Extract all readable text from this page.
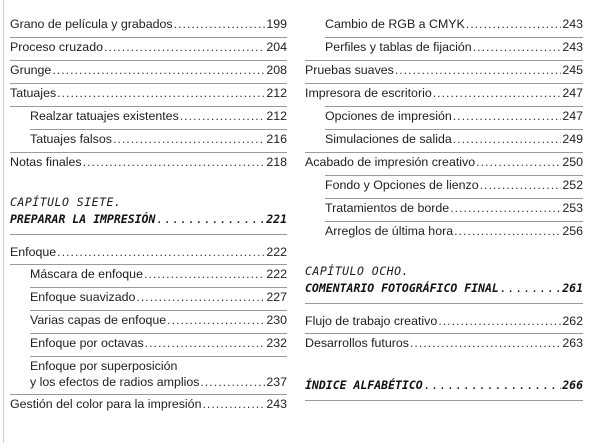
Grano de película y grabados .....	199
Proceso cruzado .....	204
Grunge .....	208
Tatuajes .....	212
Realzar tatuajes existentes .....	212
Tatuajes falsos .....	216
Notas finales .....	218
CAPÍTULO SIETE.
PREPARAR LA IMPRESIÓN .....	221
Enfoque .....	222
Máscara de enfoque .....	222
Enfoque suavizado .....	227
Varias capas de enfoque .....	230
Enfoque por octavas .....	232
Enfoque por superposición
y los efectos de radios amplios .....	237
Gestión del color para la impresión .....	243
Cambio de RGB a CMYK .....	243
Perfiles y tablas de fijación .....	243
Pruebas suaves .....	245
Impresora de escritorio .....	247
Opciones de impresión .....	247
Simulaciones de salida .....	249
Acabado de impresión creativo .....	250
Fondo y Opciones de lienzo .....	252
Tratamientos de borde .....	253
Arreglos de última hora .....	256
CAPÍTULO OCHO.
COMENTARIO FOTOGRÁFICO FINAL .....	261
Flujo de trabajo creativo .....	262
Desarrollos futuros .....	263
ÍNDICE ALFABÉTICO .....	266
